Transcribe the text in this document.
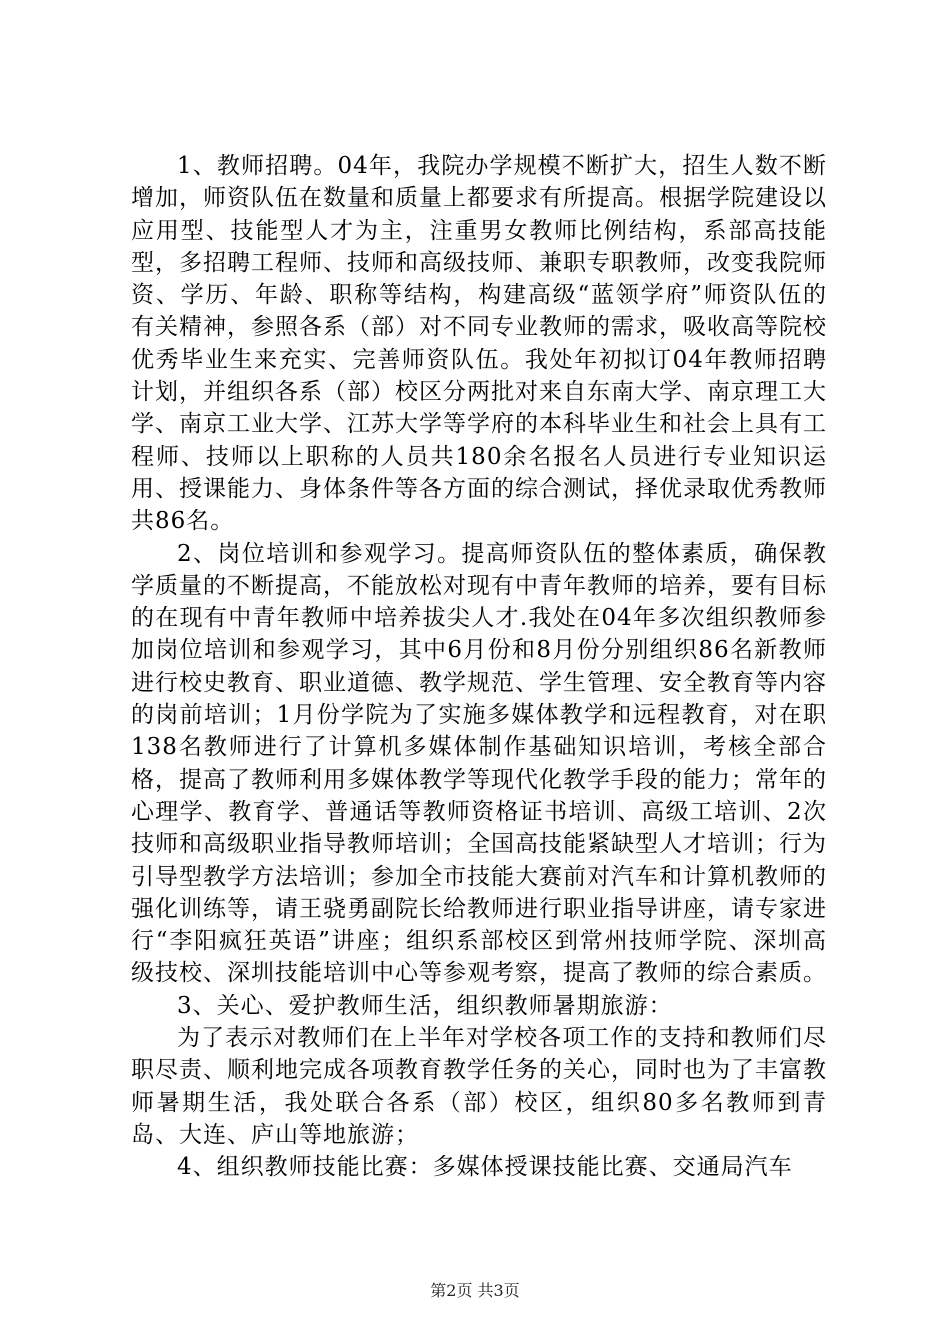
1、教师招聘。04年，我院办学规模不断扩大，招生人数不断增加，师资队伍在数量和质量上都要求有所提高。根据学院建设以应用型、技能型人才为主，注重男女教师比例结构，系部高技能型，多招聘工程师、技师和高级技师、兼职专职教师，改变我院师资、学历、年龄、职称等结构，构建高级“蓝领学府”师资队伍的有关精神，参照各系（部）对不同专业教师的需求，吸收高等院校优秀毕业生来充实、完善师资队伍。我处年初拟订04年教师招聘计划，并组织各系（部）校区分两批对来自东南大学、南京理工大学、南京工业大学、江苏大学等学府的本科毕业生和社会上具有工程师、技师以上职称的人员共180余名报名人员进行专业知识运用、授课能力、身体条件等各方面的综合测试，择优录取优秀教师共86名。

2、岗位培训和参观学习。提高师资队伍的整体素质，确保教学质量的不断提高，不能放松对现有中青年教师的培养，要有目标的在现有中青年教师中培养拔尖人才.我处在04年多次组织教师参加岗位培训和参观学习，其中6月份和8月份分别组织86名新教师进行校史教育、职业道德、教学规范、学生管理、安全教育等内容的岗前培训；1月份学院为了实施多媒体教学和远程教育，对在职138名教师进行了计算机多媒体制作基础知识培训，考核全部合格，提高了教师利用多媒体教学等现代化教学手段的能力；常年的心理学、教育学、普通话等教师资格证书培训、高级工培训、2次技师和高级职业指导教师培训；全国高技能紧缺型人才培训；行为引导型教学方法培训；参加全市技能大赛前对汽车和计算机教师的强化训练等，请王骁勇副院长给教师进行职业指导讲座，请专家进行“李阳疯狂英语”讲座；组织系部校区到常州技师学院、深圳高级技校、深圳技能培训中心等参观考察，提高了教师的综合素质。

3、关心、爱护教师生活，组织教师暑期旅游：

为了表示对教师们在上半年对学校各项工作的支持和教师们尽职尽责、顺利地完成各项教育教学任务的关心，同时也为了丰富教师暑期生活，我处联合各系（部）校区，组织80多名教师到青岛、大连、庐山等地旅游；

4、组织教师技能比赛：多媒体授课技能比赛、交通局汽车

第2页 共3页
